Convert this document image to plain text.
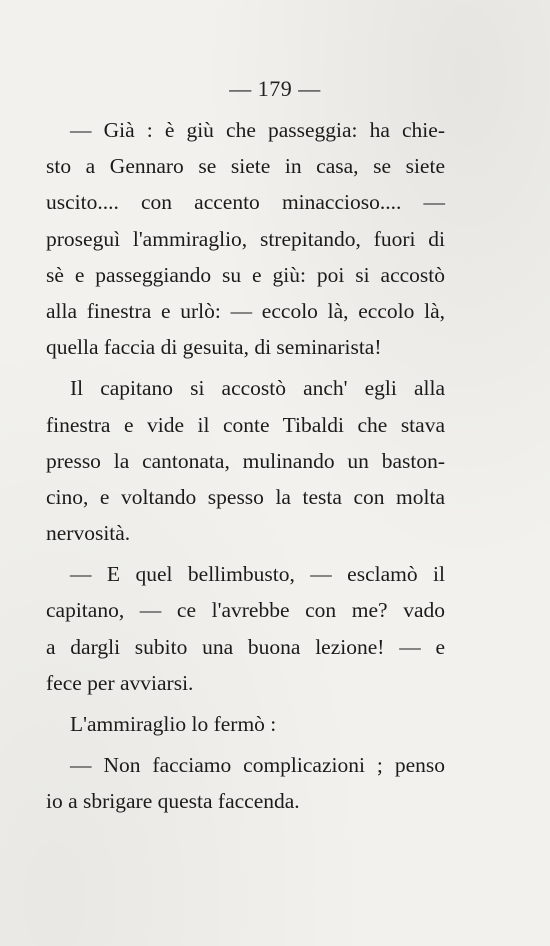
— 179 —
— Già : è giù che passeggia: ha chie-
sto a Gennaro se siete in casa, se siete
uscito.... con accento minaccioso.... —
proseguì l'ammiraglio, strepitando, fuori di
sè e passeggiando su e giù: poi si accostò
alla finestra e urlò: — eccolo là, eccolo là,
quella faccia di gesuita, di seminarista!
Il capitano si accostò anch' egli alla
finestra e vide il conte Tibaldi che stava
presso la cantonata, mulinando un baston-
cino, e voltando spesso la testa con molta
nervosità.
— E quel bellimbusto, — esclamò il
capitano, — ce l'avrebbe con me? vado
a dargli subito una buona lezione! — e
fece per avviarsi.
L'ammiraglio lo fermò :
— Non facciamo complicazioni ; penso
io a sbrigare questa faccenda.
